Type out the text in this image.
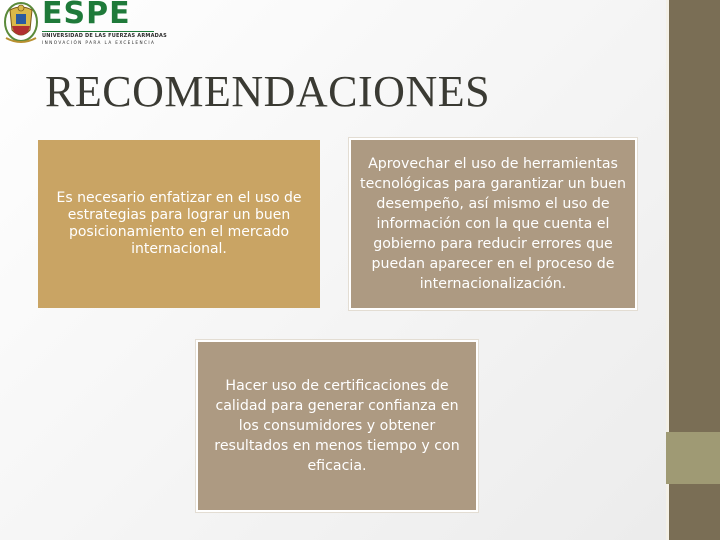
ESPE
UNIVERSIDAD DE LAS FUERZAS ARMADAS
INNOVACIÓN PARA LA EXCELENCIA
RECOMENDACIONES
Es necesario enfatizar en el uso de estrategias para lograr un buen posicionamiento en el mercado internacional.
Aprovechar el uso de herramientas tecnológicas para garantizar un buen desempeño, así mismo el uso de información con la que cuenta el gobierno para reducir errores que puedan aparecer en el proceso de internacionalización.
Hacer uso de certificaciones de calidad para generar confianza en los consumidores y obtener resultados en menos tiempo y con eficacia.
